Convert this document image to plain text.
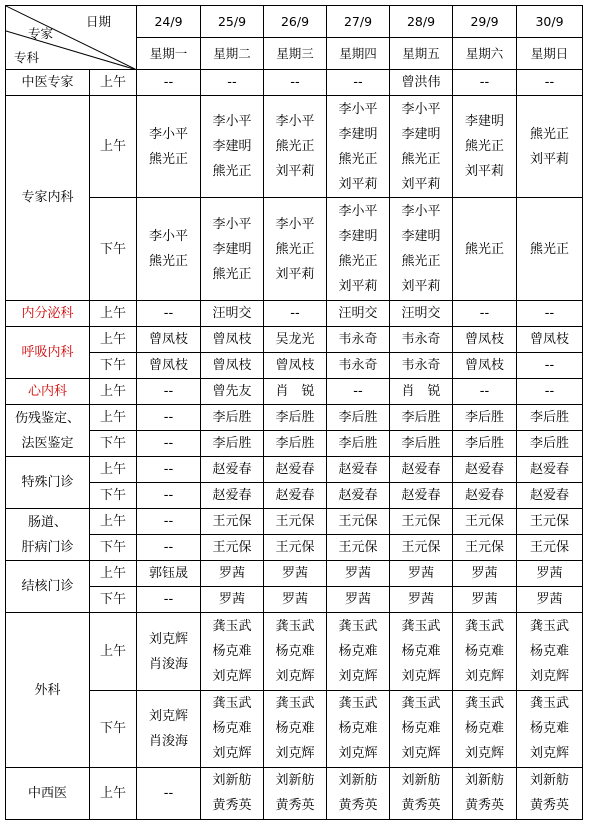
日期
专家
专科		24/9	25/9	26/9	27/9	28/9	29/9	30/9
		星期一	星期二	星期三	星期四	星期五	星期六	星期日
中医专家	上午	--	--	--	--	曾洪伟	--	--

专家内科	上午	李小平
熊光正	李小平
李建明
熊光正	李小平
熊光正
刘平莉	李小平
李建明
熊光正
刘平莉	李小平
李建明
熊光正
刘平莉	李建明
熊光正
刘平莉	熊光正
刘平莉

	下午	李小平
熊光正	李小平
李建明
熊光正	李小平
熊光正
刘平莉	李小平
李建明
熊光正
刘平莉	李小平
李建明
熊光正
刘平莉	熊光正	熊光正

内分泌科	上午	--	汪明交	--	汪明交	汪明交	--	--

呼吸内科	上午	曾凤枝	曾凤枝	吴龙光	韦永奇	韦永奇	曾凤枝	曾凤枝

	下午	曾凤枝	曾凤枝	曾凤枝	韦永奇	韦永奇	曾凤枝	--

心内科	上午	--	曾先友	肖　锐	--	肖　锐	--	--

伤残鉴定、
法医鉴定	上午	--	李后胜	李后胜	李后胜	李后胜	李后胜	李后胜

	下午	--	李后胜	李后胜	李后胜	李后胜	李后胜	李后胜

特殊门诊	上午	--	赵爱春	赵爱春	赵爱春	赵爱春	赵爱春	赵爱春

	下午	--	赵爱春	赵爱春	赵爱春	赵爱春	赵爱春	赵爱春

肠道、
肝病门诊	上午	--	王元保	王元保	王元保	王元保	王元保	王元保

	下午	--	王元保	王元保	王元保	王元保	王元保	王元保

结核门诊	上午	郭钰晟	罗茜	罗茜	罗茜	罗茜	罗茜	罗茜

	下午	--	罗茜	罗茜	罗茜	罗茜	罗茜	罗茜

外科	上午	刘克辉
肖浚海	龚玉武
杨克难
刘克辉	龚玉武
杨克难
刘克辉	龚玉武
杨克难
刘克辉	龚玉武
杨克难
刘克辉	龚玉武
杨克难
刘克辉	龚玉武
杨克难
刘克辉

	下午	刘克辉
肖浚海	龚玉武
杨克难
刘克辉	龚玉武
杨克难
刘克辉	龚玉武
杨克难
刘克辉	龚玉武
杨克难
刘克辉	龚玉武
杨克难
刘克辉	龚玉武
杨克难
刘克辉

中西医	上午	--	刘新舫
黄秀英	刘新舫
黄秀英	刘新舫
黄秀英	刘新舫
黄秀英	刘新舫
黄秀英	刘新舫
黄秀英
